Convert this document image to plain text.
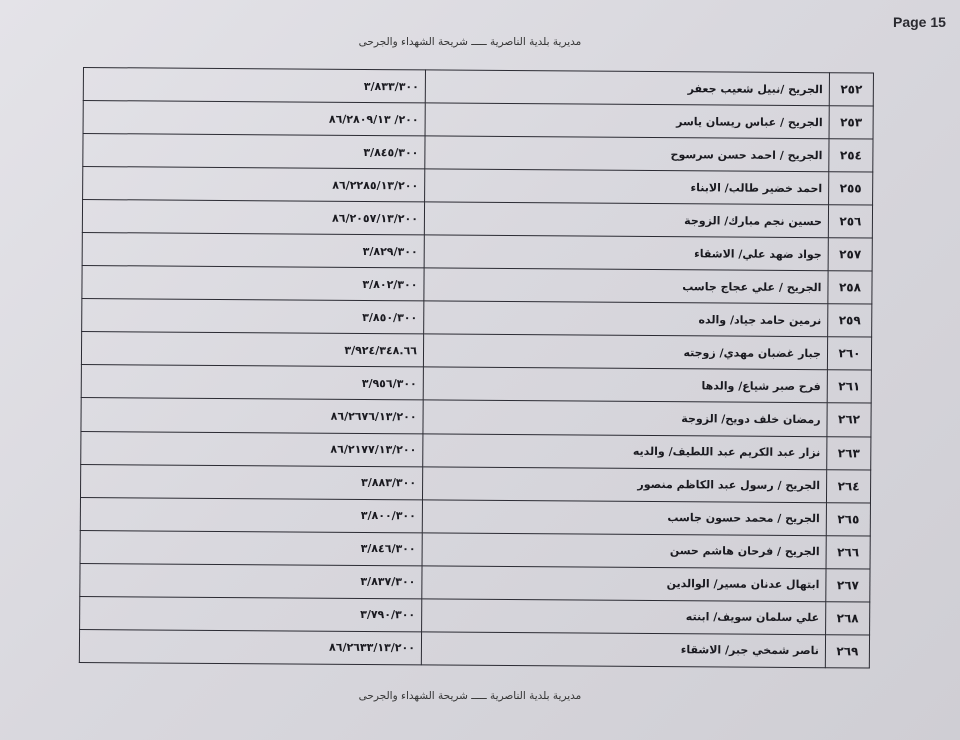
Page 15
مديرية بلدية الناصرية ـــــ شريحة الشهداء والجرحى
٣/٨٣٣/٣٠٠	الجريح /نبيل شعيب جعفر	٢٥٢
٢٠٠/ ٨٦/٢٨٠٩/١٣	الجريح / عباس ريسان ياسر	٢٥٣
٣/٨٤٥/٣٠٠	الجريح / احمد حسن سرسوح	٢٥٤
٨٦/٢٢٨٥/١٣/٢٠٠	احمد خضير طالب/ الابناء	٢٥٥
٨٦/٢٠٥٧/١٣/٢٠٠	حسين نجم مبارك/ الزوجة	٢٥٦
٣/٨٢٩/٣٠٠	جواد ضهد علي/ الاشقاء	٢٥٧
٣/٨٠٢/٣٠٠	الجريح / علي عجاج جاسب	٢٥٨
٣/٨٥٠/٣٠٠	نرمين حامد جياد/ والده	٢٥٩
٣/٩٢٤/٣٤٨.٦٦	جبار غضبان مهدي/ زوجته	٢٦٠
٣/٩٥٦/٣٠٠	فرح صبر شياع/ والدها	٢٦١
٨٦/٢٦٧٦/١٣/٢٠٠	رمضان خلف دويح/ الزوجة	٢٦٢
٨٦/٢١٧٧/١٣/٢٠٠	نزار عبد الكريم عبد اللطيف/ والديه	٢٦٣
٣/٨٨٣/٣٠٠	الجريح / رسول عبد الكاظم منصور	٢٦٤
٣/٨٠٠/٣٠٠	الجريح / محمد حسون جاسب	٢٦٥
٣/٨٤٦/٣٠٠	الجريح / فرحان هاشم حسن	٢٦٦
٣/٨٣٧/٣٠٠	ابتهال عدنان مسير/ الوالدين	٢٦٧
٣/٧٩٠/٣٠٠	علي سلمان سويف/ ابنته	٢٦٨
٨٦/٢٦٣٣/١٣/٢٠٠	ناصر شمخي جبر/ الاشقاء	٢٦٩
مديرية بلدية الناصرية ـــــ شريحة الشهداء والجرحى
